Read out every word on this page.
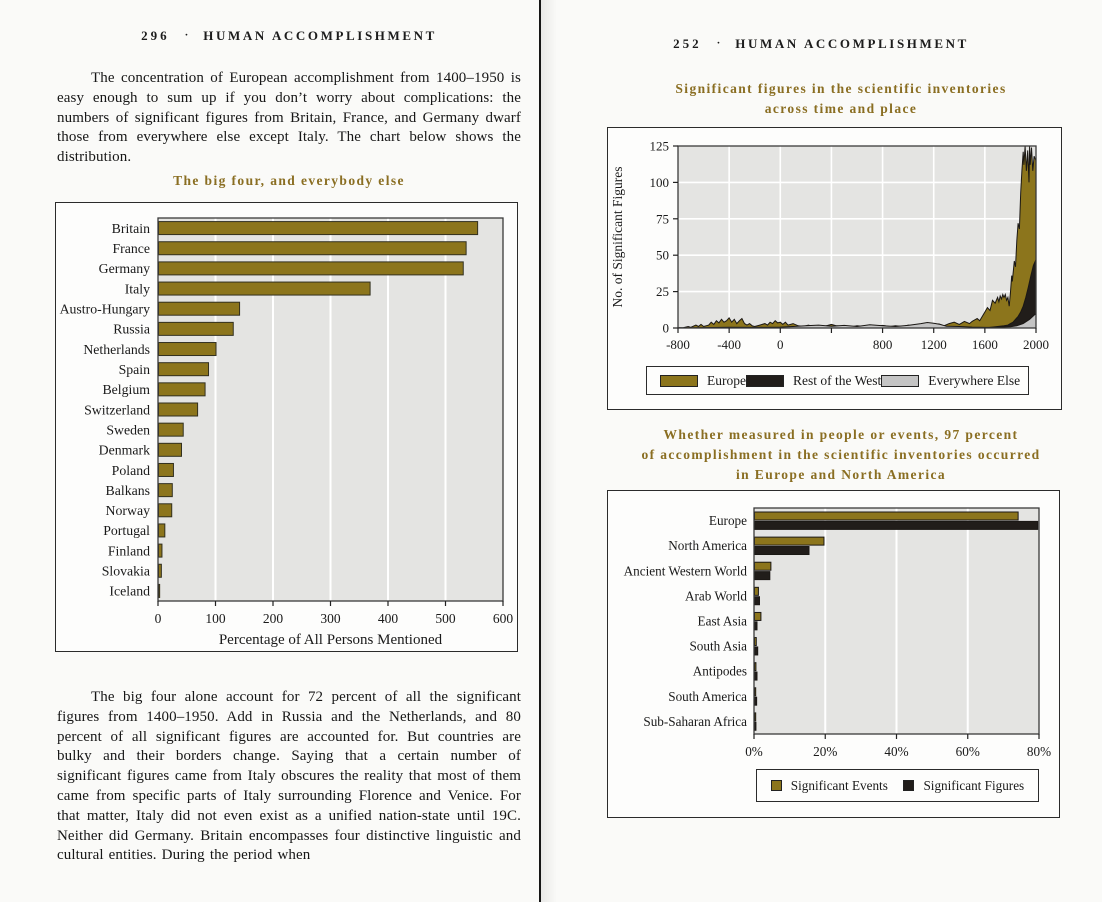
296 · HUMAN ACCOMPLISHMENT

The concentration of European accomplishment from 1400–1950 is easy enough to sum up if you don’t worry about complications: the numbers of significant figures from Britain, France, and Germany dwarf those from everywhere else except Italy. The chart below shows the distribution.

The big four, and everybody else
Britain
France
Germany
Italy
Austro-Hungary
Russia
Netherlands
Spain
Belgium
Switzerland
Sweden
Denmark
Poland
Balkans
Norway
Portugal
Finland
Slovakia
Iceland
0	100	200	300	400	500	600
Percentage of All Persons Mentioned

The big four alone account for 72 percent of all the significant figures from 1400–1950. Add in Russia and the Netherlands, and 80 percent of all significant figures are accounted for. But countries are bulky and their borders change. Saying that a certain number of significant figures came from Italy obscures the reality that most of them came from specific parts of Italy surrounding Florence and Venice. For that matter, Italy did not even exist as a unified nation-state until 19C. Neither did Germany. Britain encompasses four distinctive linguistic and cultural entities. During the period when

252 · HUMAN ACCOMPLISHMENT
Significant figures in the scientific inventories
across time and place
0
25
50
75
100
125
-800 -400	0	800 1200 1600 2000
No. of Significant Figures
Europe	Rest of the West	Everywhere Else
Whether measured in people or events, 97 percent
of accomplishment in the scientific inventories occurred
in Europe and North America
Europe
North America
Ancient Western World
Arab World
East Asia
South Asia
Antipodes
South America
Sub-Saharan Africa
0%	20%	40%	60%	80%
Significant Events	Significant Figures
